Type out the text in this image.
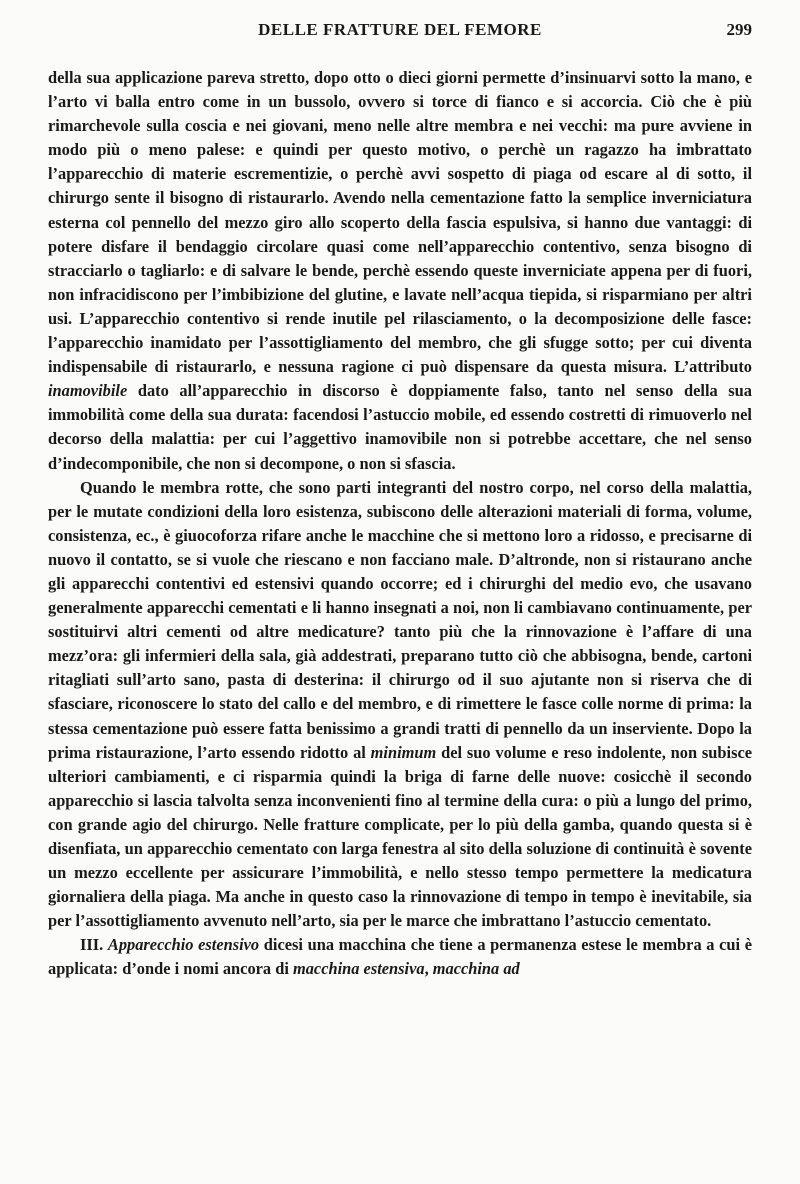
DELLE FRATTURE DEL FEMORE	299

della sua applicazione pareva stretto, dopo otto o dieci giorni permette d’insinuarvi sotto la mano, e l’arto vi balla entro come in un bussolo, ovvero si torce di fianco e si accorcia. Ciò che è più rimarchevole sulla coscia e nei giovani, meno nelle altre membra e nei vecchi: ma pure avviene in modo più o meno palese: e quindi per questo motivo, o perchè un ragazzo ha imbrattato l’apparecchio di materie escrementizie, o perchè avvi sospetto di piaga od escare al di sotto, il chirurgo sente il bisogno di ristaurarlo. Avendo nella cementazione fatto la semplice inverniciatura esterna col pennello del mezzo giro allo scoperto della fascia espulsiva, si hanno due vantaggi: di potere disfare il bendaggio circolare quasi come nell’apparecchio contentivo, senza bisogno di stracciarlo o tagliarlo: e di salvare le bende, perchè essendo queste inverniciate appena per di fuori, non infracidiscono per l’imbibizione del glutine, e lavate nell’acqua tiepida, si risparmiano per altri usi. L’apparecchio contentivo si rende inutile pel rilasciamento, o la decomposizione delle fasce: l’apparecchio inamidato per l’assottigliamento del membro, che gli sfugge sotto; per cui diventa indispensabile di ristaurarlo, e nessuna ragione ci può dispensare da questa misura. L’attributo inamovibile dato all’apparecchio in discorso è doppiamente falso, tanto nel senso della sua immobilità come della sua durata: facendosi l’astuccio mobile, ed essendo costretti di rimuoverlo nel decorso della malattia: per cui l’aggettivo inamovibile non si potrebbe accettare, che nel senso d’indecomponibile, che non si decompone, o non si sfascia.

Quando le membra rotte, che sono parti integranti del nostro corpo, nel corso della malattia, per le mutate condizioni della loro esistenza, subiscono delle alterazioni materiali di forma, volume, consistenza, ec., è giuocoforza rifare anche le macchine che si mettono loro a ridosso, e precisarne di nuovo il contatto, se si vuole che riescano e non facciano male. D’altronde, non si ristaurano anche gli apparecchi contentivi ed estensivi quando occorre; ed i chirurghi del medio evo, che usavano generalmente apparecchi cementati e li hanno insegnati a noi, non li cambiavano continuamente, per sostituirvi altri cementi od altre medicature? tanto più che la rinnovazione è l’affare di una mezz’ora: gli infermieri della sala, già addestrati, preparano tutto ciò che abbisogna, bende, cartoni ritagliati sull’arto sano, pasta di desterina: il chirurgo od il suo ajutante non si riserva che di sfasciare, riconoscere lo stato del callo e del membro, e di rimettere le fasce colle norme di prima: la stessa cementazione può essere fatta benissimo a grandi tratti di pennello da un inserviente. Dopo la prima ristaurazione, l’arto essendo ridotto al minimum del suo volume e reso indolente, non subisce ulteriori cambiamenti, e ci risparmia quindi la briga di farne delle nuove: cosicchè il secondo apparecchio si lascia talvolta senza inconvenienti fino al termine della cura: o più a lungo del primo, con grande agio del chirurgo. Nelle fratture complicate, per lo più della gamba, quando questa si è disenfiata, un apparecchio cementato con larga fenestra al sito della soluzione di continuità è sovente un mezzo eccellente per assicurare l’immobilità, e nello stesso tempo permettere la medicatura giornaliera della piaga. Ma anche in questo caso la rinnovazione di tempo in tempo è inevitabile, sia per l’assottigliamento avvenuto nell’arto, sia per le marce che imbrattano l’astuccio cementato.

III. Apparecchio estensivo dicesi una macchina che tiene a permanenza estese le membra a cui è applicata: d’onde i nomi ancora di macchina estensiva, macchina ad
